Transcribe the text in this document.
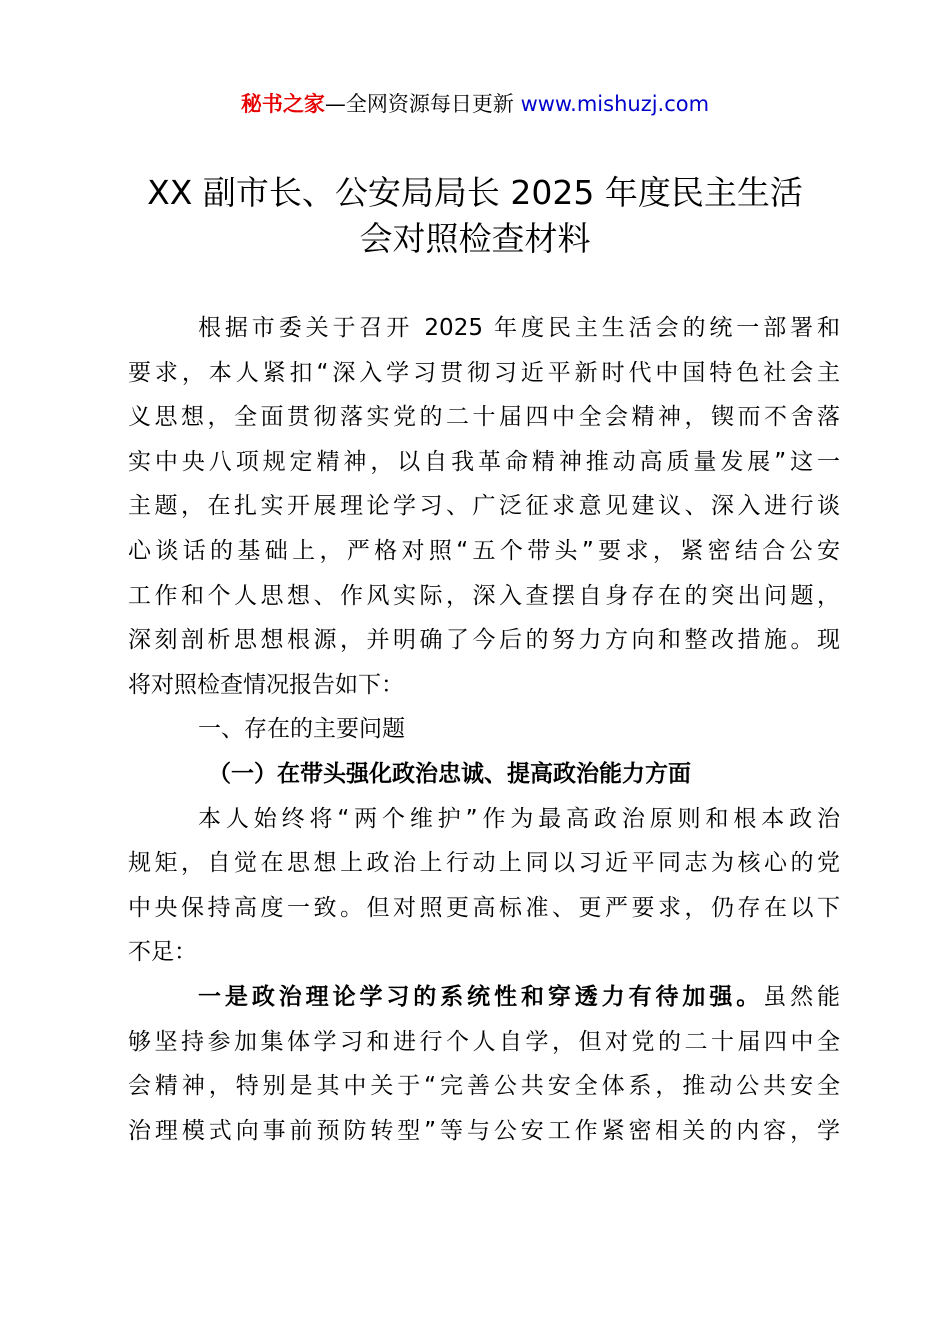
秘书之家—全网资源每日更新 www.mishuzj.com
XX 副市长、公安局局长 2025 年度民主生活
会对照检查材料
根据市委关于召开 2025 年度民主生活会的统一部署和
要求，本人紧扣“深入学习贯彻习近平新时代中国特色社会主
义思想，全面贯彻落实党的二十届四中全会精神，锲而不舍落
实中央八项规定精神，以自我革命精神推动高质量发展”这一
主题，在扎实开展理论学习、广泛征求意见建议、深入进行谈
心谈话的基础上，严格对照“五个带头”要求，紧密结合公安
工作和个人思想、作风实际，深入查摆自身存在的突出问题，
深刻剖析思想根源，并明确了今后的努力方向和整改措施。现
将对照检查情况报告如下：
一、存在的主要问题
（一）在带头强化政治忠诚、提高政治能力方面
本人始终将“两个维护”作为最高政治原则和根本政治
规矩，自觉在思想上政治上行动上同以习近平同志为核心的党
中央保持高度一致。但对照更高标准、更严要求，仍存在以下
不足：
一是政治理论学习的系统性和穿透力有待加强。虽然能
够坚持参加集体学习和进行个人自学，但对党的二十届四中全
会精神，特别是其中关于“完善公共安全体系，推动公共安全
治理模式向事前预防转型”等与公安工作紧密相关的内容，学
